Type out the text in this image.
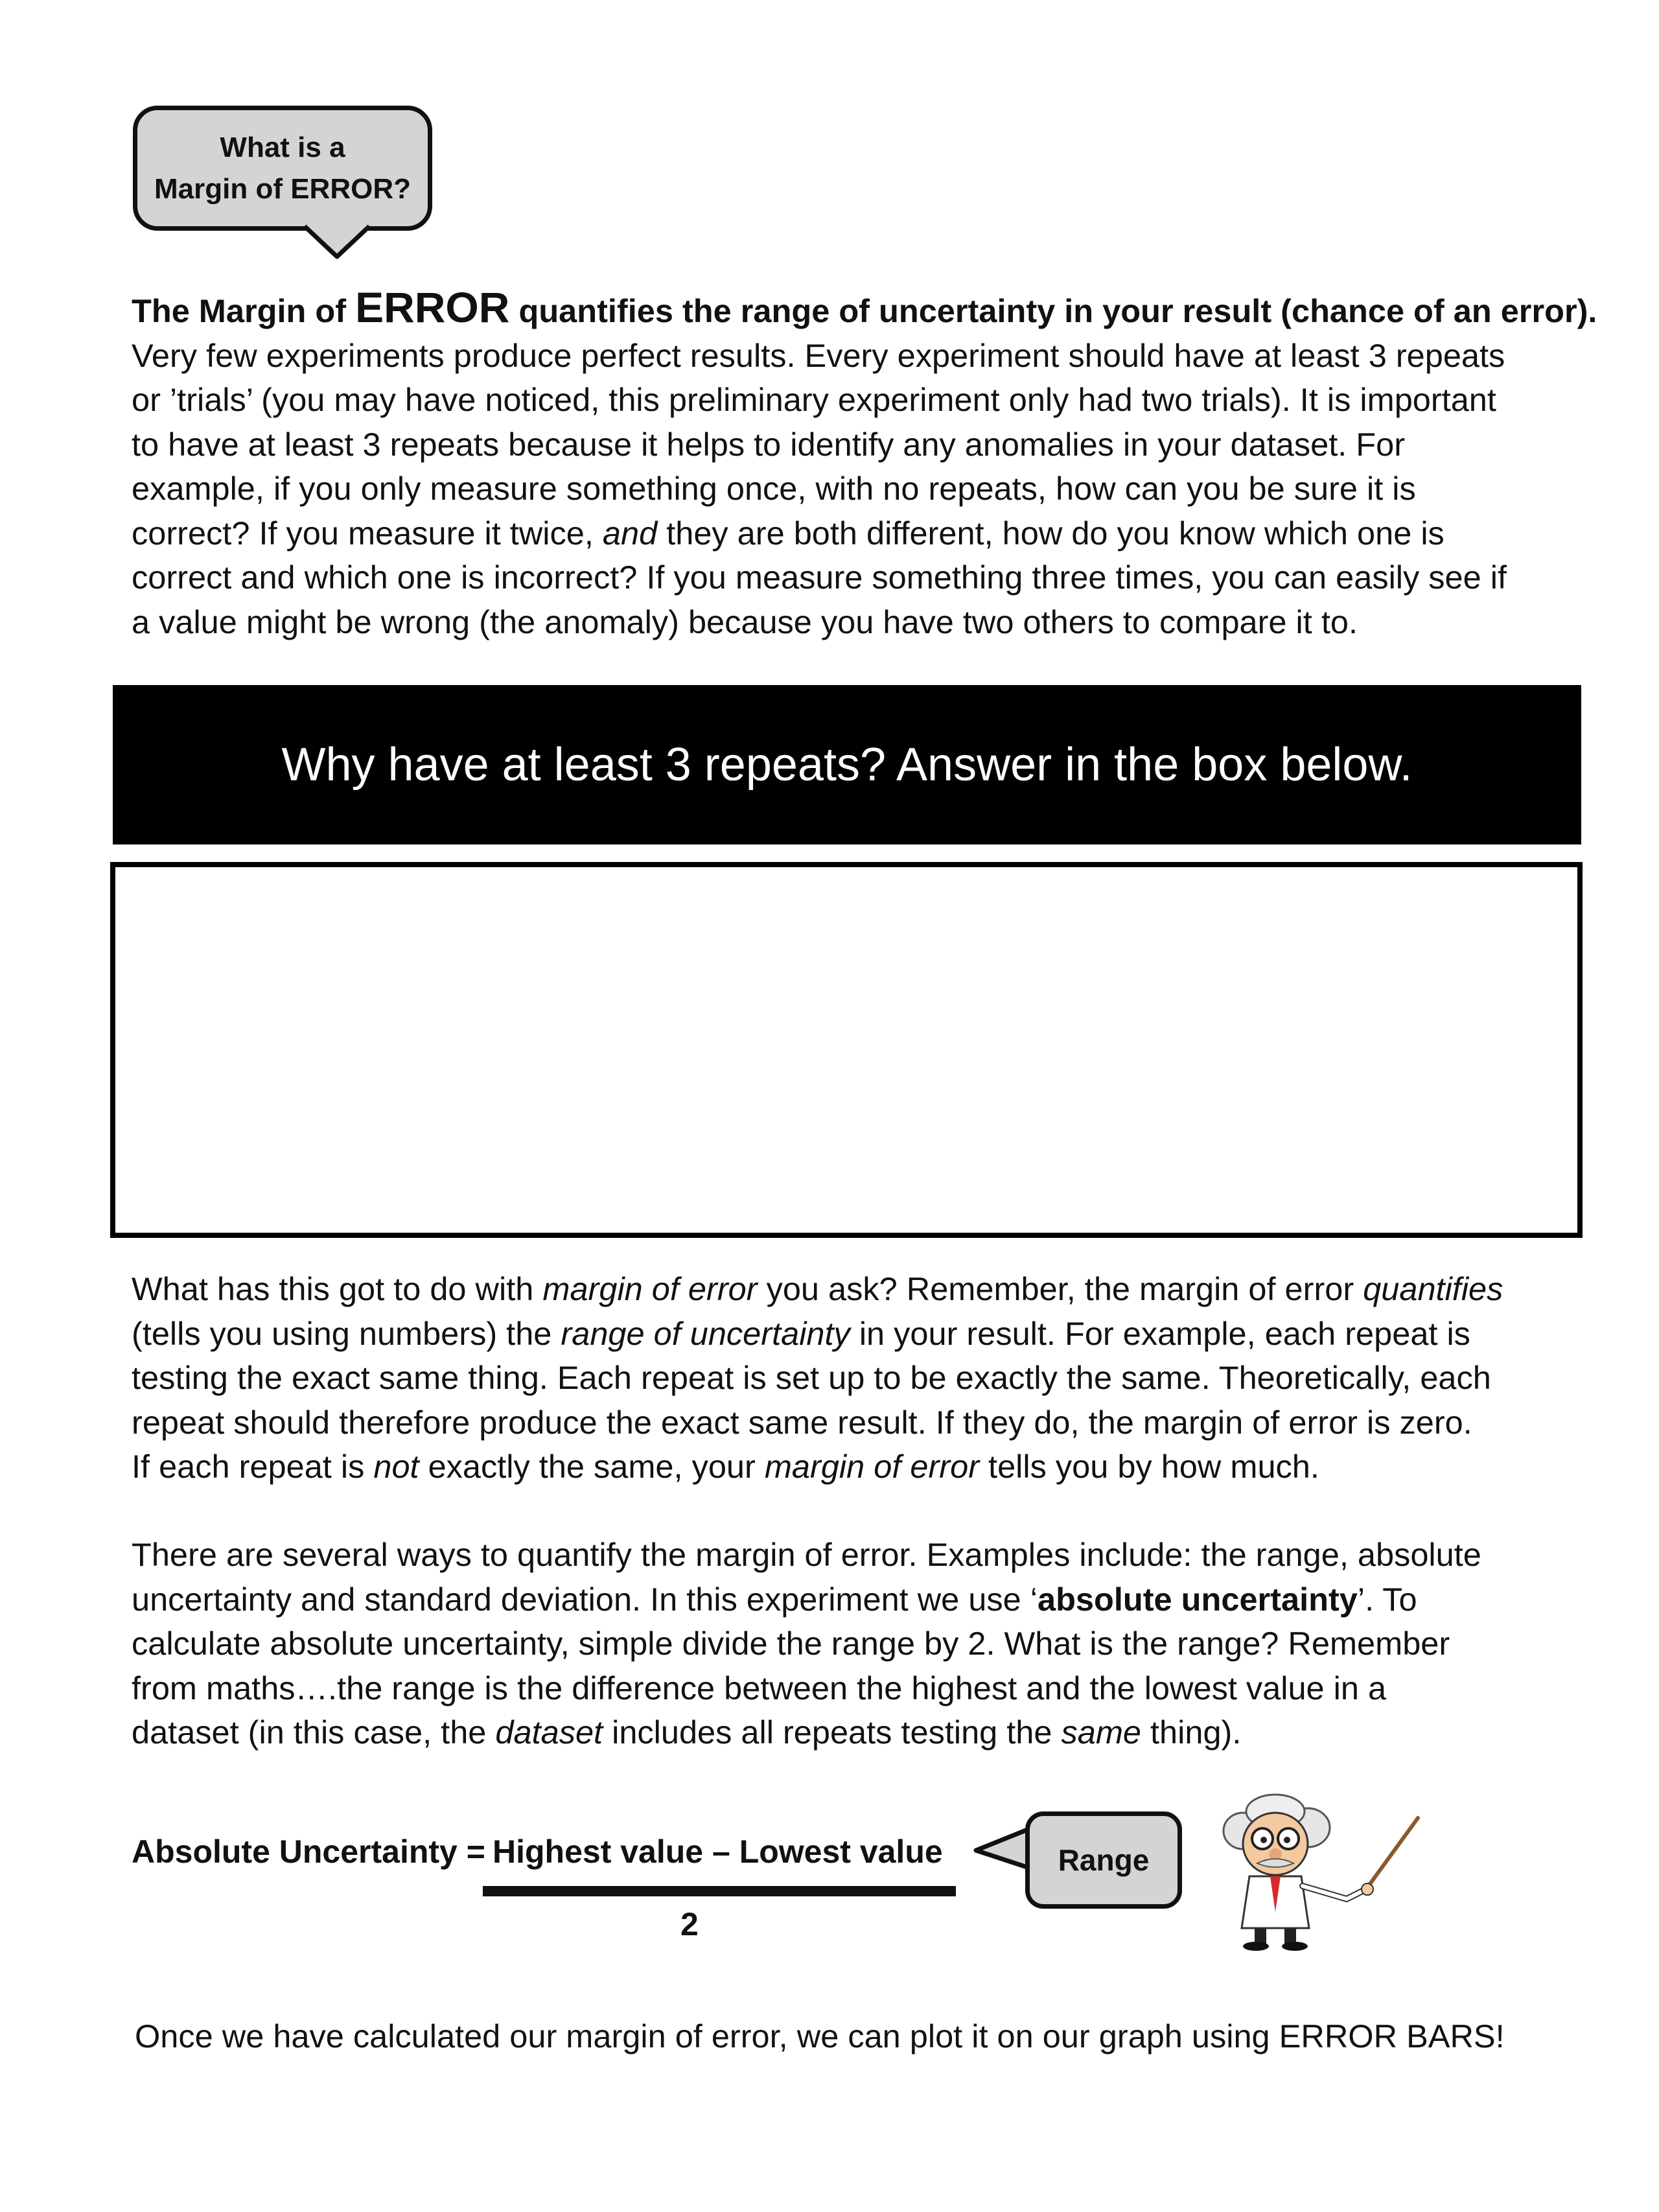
What is a
Margin of ERROR?

The Margin of ERROR quantifies the range of uncertainty in your result (chance of an error).

Very few experiments produce perfect results. Every experiment should have at least 3 repeats

or ’trials’ (you may have noticed, this preliminary experiment only had two trials). It is important

to have at least 3 repeats because it helps to identify any anomalies in your dataset. For

example, if you only measure something once, with no repeats, how can you be sure it is

correct? If you measure it twice, and they are both different, how do you know which one is

correct and which one is incorrect? If you measure something three times, you can easily see if

a value might be wrong (the anomaly) because you have two others to compare it to.

Why have at least 3 repeats? Answer in the box below.

What has this got to do with margin of error you ask? Remember, the margin of error quantifies

(tells you using numbers) the range of uncertainty in your result. For example, each repeat is

testing the exact same thing. Each repeat is set up to be exactly the same. Theoretically, each

repeat should therefore produce the exact same result. If they do, the margin of error is zero.

If each repeat is not exactly the same, your margin of error tells you by how much.

There are several ways to quantify the margin of error. Examples include: the range, absolute

uncertainty and standard deviation. In this experiment we use ‘absolute uncertainty’. To

calculate absolute uncertainty, simple divide the range by 2. What is the range? Remember

from maths….the range is the difference between the highest and the lowest value in a

dataset (in this case, the dataset includes all repeats testing the same thing).

Absolute Uncertainty = Highest value – Lowest value
2
Range
Once we have calculated our margin of error, we can plot it on our graph using ERROR BARS!
